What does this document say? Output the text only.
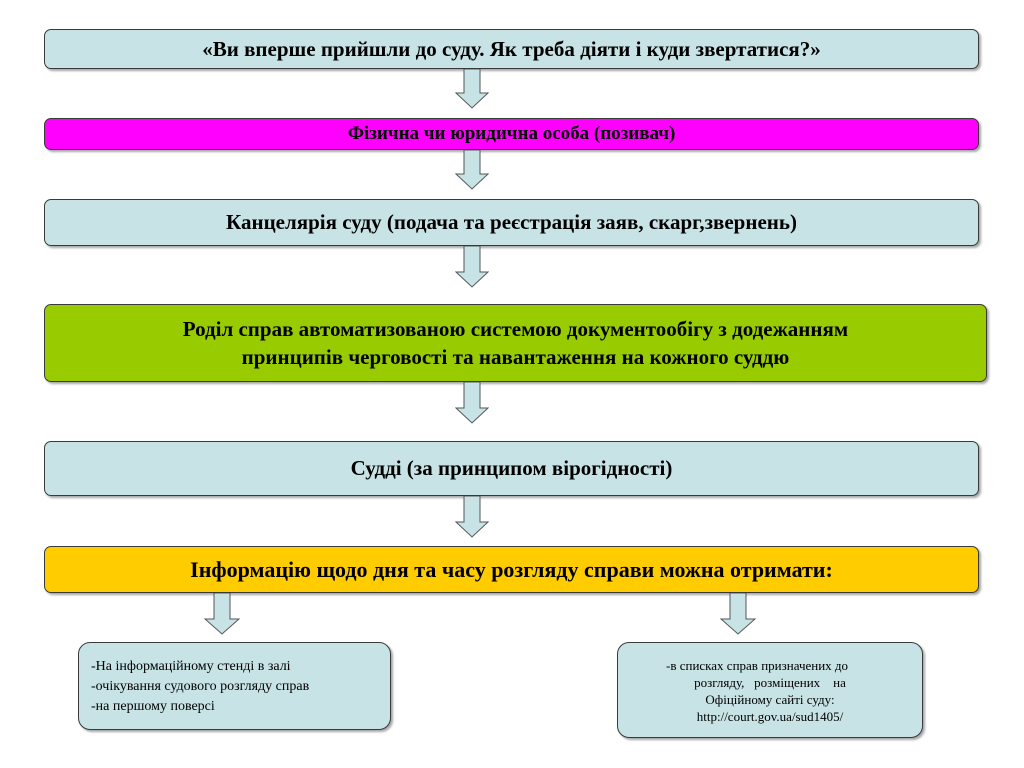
«Ви вперше прийшли до суду. Як треба діяти і куди звертатися?»
Фізична чи юридична особа (позивач)
Канцелярія суду (подача та реєстрація заяв, скарг,звернень)
Роділ справ автоматизованою системою документообігу з додежанням
принципів черговості та навантаження на кожного суддю
Судді (за принципом вірогідності)
Інформацію щодо дня та часу розгляду справи можна отримати:
-На інформаційному стенді в залі
-очікування судового розгляду справ
-на першому поверсі
-в списках справ призначених до
розгляду,   розміщених    на
Офіційному сайті суду:
http://court.gov.ua/sud1405/
